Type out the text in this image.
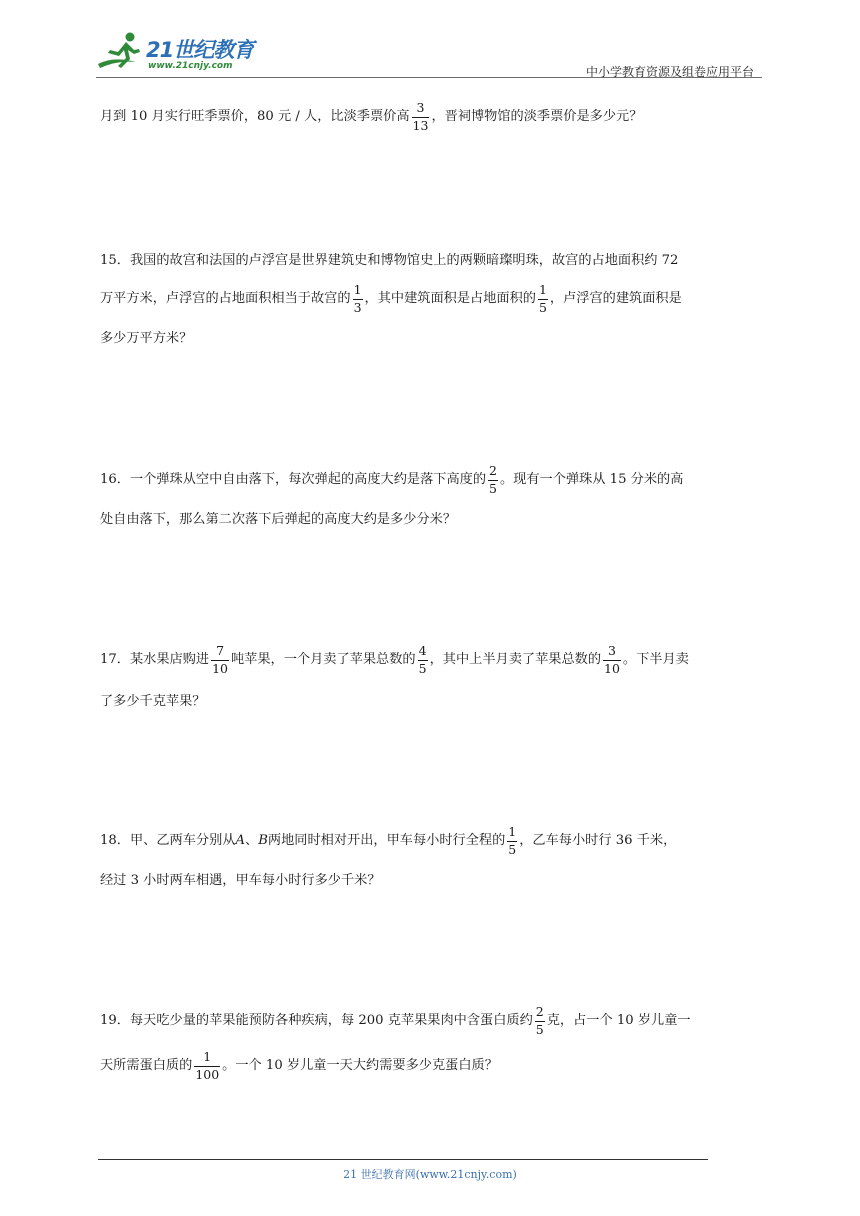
21世纪教育
www.21cnjy.com	中小学教育资源及组卷应用平台
月到 10 月实行旺季票价，80 元 / 人，比淡季票价高 $\frac{3}{13}$ ，晋祠博物馆的淡季票价是多少元？
15．我国的故宫和法国的卢浮宫是世界建筑史和博物馆史上的两颗暗璨明珠，故宫的占地面积约 72
万平方米，卢浮宫的占地面积相当于故宫的 $\frac{1}{3}$ ，其中建筑面积是占地面积的 $\frac{1}{5}$ ，卢浮宫的建筑面积是
多少万平方米？
16．一个弹珠从空中自由落下，每次弹起的高度大约是落下高度的 $\frac{2}{5}$ 。现有一个弹珠从 15 分米的高
处自由落下，那么第二次落下后弹起的高度大约是多少分米？
17．某水果店购进 $\frac{7}{10}$ 吨苹果，一个月卖了苹果总数的 $\frac{4}{5}$ ，其中上半月卖了苹果总数的 $\frac{3}{10}$ 。下半月卖
了多少千克苹果？
18．甲、乙两车分别从 A 、 B 两地同时相对开出，甲车每小时行全程的 $\frac{1}{5}$ ，乙车每小时行 36 千米，
经过 3 小时两车相遇，甲车每小时行多少千米？
19．每天吃少量的苹果能预防各种疾病，每 200 克苹果果肉中含蛋白质约 $\frac{2}{5}$ 克，占一个 10 岁儿童一
天所需蛋白质的 $\frac{1}{100}$ 。一个 10 岁儿童一天大约需要多少克蛋白质？
21 世纪教育网(www.21cnjy.com)
